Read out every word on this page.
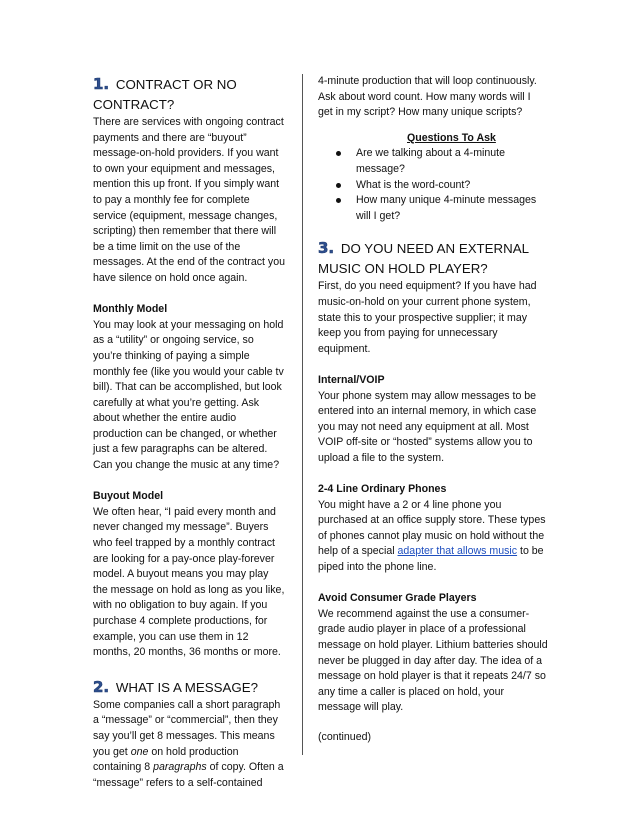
1. CONTRACT OR NO CONTRACT?

There are services with ongoing contract payments and there are “buyout” message-on-hold providers. If you want to own your equipment and messages, mention this up front. If you simply want to pay a monthly fee for complete service (equipment, message changes, scripting) then remember that there will be a time limit on the use of the messages. At the end of the contract you have silence on hold once again.

Monthly Model

You may look at your messaging on hold as a “utility” or ongoing service, so you’re thinking of paying a simple monthly fee (like you would your cable tv bill). That can be accomplished, but look carefully at what you’re getting. Ask about whether the entire audio production can be changed, or whether just a few paragraphs can be altered. Can you change the music at any time?

Buyout Model

We often hear, “I paid every month and never changed my message”. Buyers who feel trapped by a monthly contract are looking for a pay-once play-forever model. A buyout means you may play the message on hold as long as you like, with no obligation to buy again. If you purchase 4 complete productions, for example, you can use them in 12 months, 20 months, 36 months or more.

2. WHAT IS A MESSAGE?

Some companies call a short paragraph a “message” or “commercial”, then they say you’ll get 8 messages. This means you get one on hold production containing 8 paragraphs of copy. Often a “message” refers to a self-contained

4-minute production that will loop continuously. Ask about word count. How many words will I get in my script? How many unique scripts?

Questions To Ask

Are we talking about a 4-minute message?
What is the word-count?
How many unique 4-minute messages will I get?
3. DO YOU NEED AN EXTERNAL MUSIC ON HOLD PLAYER?

First, do you need equipment? If you have had music-on-hold on your current phone system, state this to your prospective supplier; it may keep you from paying for unnecessary equipment.

Internal/VOIP

Your phone system may allow messages to be entered into an internal memory, in which case you may not need any equipment at all. Most VOIP off-site or “hosted” systems allow you to upload a file to the system.

2-4 Line Ordinary Phones

You might have a 2 or 4 line phone you purchased at an office supply store. These types of phones cannot play music on hold without the help of a special adapter that allows music to be piped into the phone line.

Avoid Consumer Grade Players

We recommend against the use a consumer-grade audio player in place of a professional message on hold player. Lithium batteries should never be plugged in day after day. The idea of a message on hold player is that it repeats 24/7 so any time a caller is placed on hold, your message will play.

(continued)
